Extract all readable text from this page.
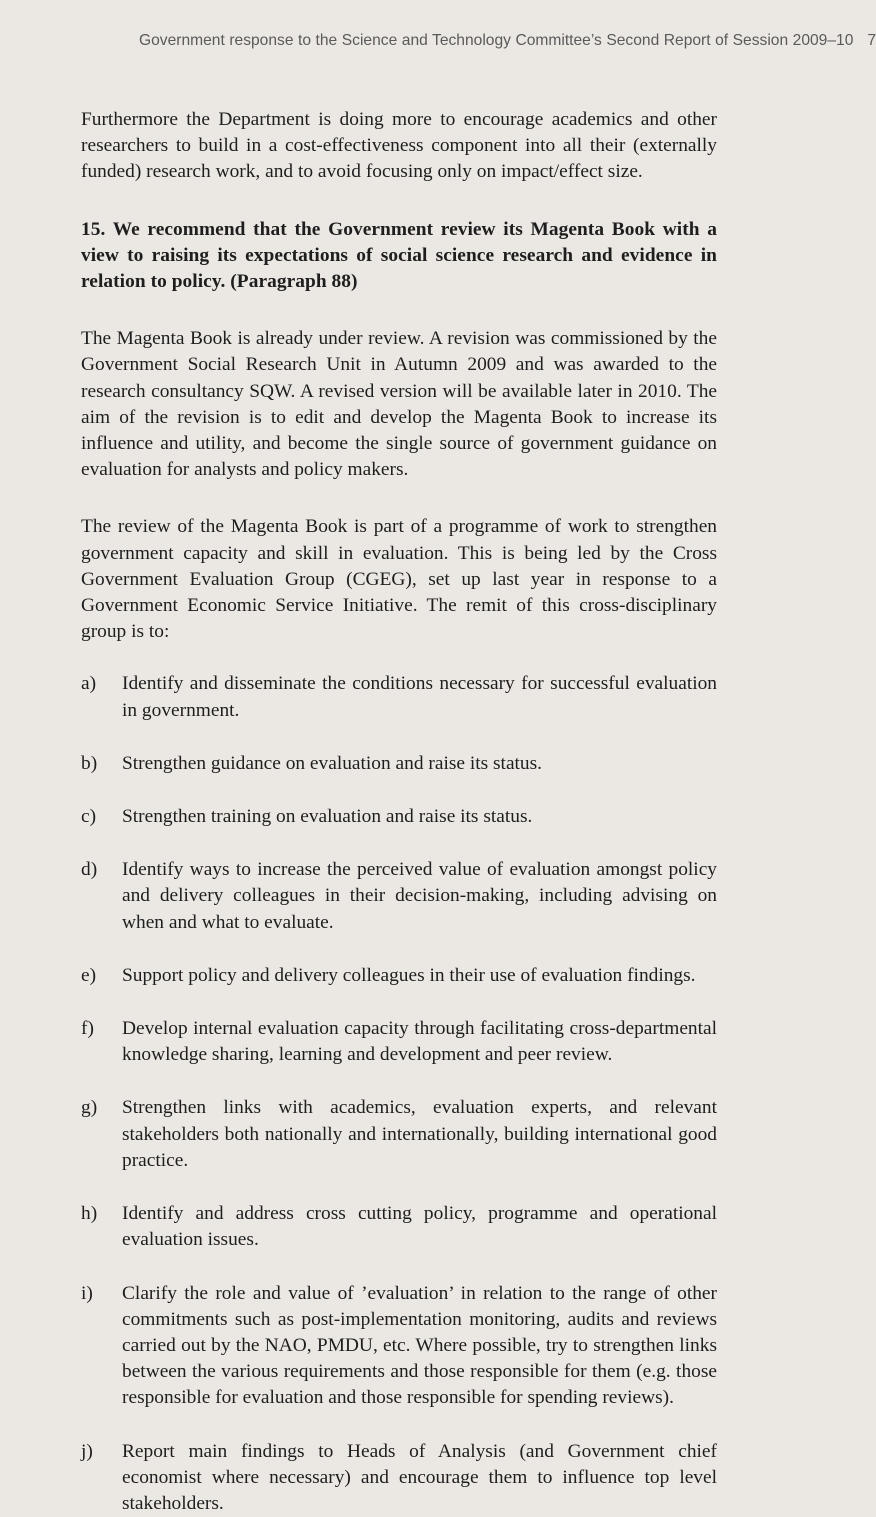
Government response to the Science and Technology Committee’s Second Report of Session 2009–10 7

Furthermore the Department is doing more to encourage academics and other researchers to build in a cost-effectiveness component into all their (externally funded) research work, and to avoid focusing only on impact/effect size.

15. We recommend that the Government review its Magenta Book with a view to raising its expectations of social science research and evidence in relation to policy. (Paragraph 88)

The Magenta Book is already under review. A revision was commissioned by the Government Social Research Unit in Autumn 2009 and was awarded to the research consultancy SQW. A revised version will be available later in 2010. The aim of the revision is to edit and develop the Magenta Book to increase its influence and utility, and become the single source of government guidance on evaluation for analysts and policy makers.

The review of the Magenta Book is part of a programme of work to strengthen government capacity and skill in evaluation. This is being led by the Cross Government Evaluation Group (CGEG), set up last year in response to a Government Economic Service Initiative. The remit of this cross-disciplinary group is to:

a) Identify and disseminate the conditions necessary for successful evaluation in government.
b) Strengthen guidance on evaluation and raise its status.
c) Strengthen training on evaluation and raise its status.
d) Identify ways to increase the perceived value of evaluation amongst policy and delivery colleagues in their decision-making, including advising on when and what to evaluate.
e) Support policy and delivery colleagues in their use of evaluation findings.
f) Develop internal evaluation capacity through facilitating cross-departmental knowledge sharing, learning and development and peer review.
g) Strengthen links with academics, evaluation experts, and relevant stakeholders both nationally and internationally, building international good practice.
h) Identify and address cross cutting policy, programme and operational evaluation issues.
i) Clarify the role and value of ’evaluation’ in relation to the range of other commitments such as post-implementation monitoring, audits and reviews carried out by the NAO, PMDU, etc. Where possible, try to strengthen links between the various requirements and those responsible for them (e.g. those responsible for evaluation and those responsible for spending reviews).
j) Report main findings to Heads of Analysis (and Government chief economist where necessary) and encourage them to influence top level stakeholders.
